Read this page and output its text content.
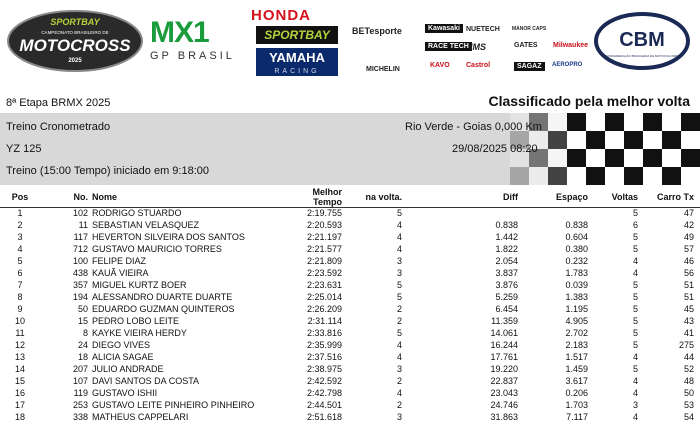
SPORTBAY
CAMPEONATO BRASILEIRO DE
MOTOCROSS
2025
MX1
GP BRASIL
HONDA
SPORTBAY
YAMAHA
RACING
BETesporte	Kawasaki NUETECH MANOR CAPS
MICHELIN
RACE TECH IMS	GATES Milwaukee
KAVO Castrol	SAGAZ	AEROPRO
CBM
CONFEDERAÇÃO BRASILEIRA DE MOTOCICLISMO
8ª Etapa BRMX 2025	Classificado pela melhor volta
Treino Cronometrado	Rio Verde - Goias 0,000 Km
YZ 125	29/08/2025 08:20
Treino (15:00 Tempo) iniciado em 9:18:00
Pos	No.	Nome	Melhor Tempo	na volta.	Diff	Espaço	Voltas	Carro Tx
1	102	RODRIGO STUARDO	2:19.755	5			5	47
2	11	SEBASTIAN VELASQUEZ	2:20.593	4	0.838	0.838	6	42
3	117	HEVERTON SILVEIRA DOS SANTOS	2:21.197	4	1.442	0.604	5	49
4	712	GUSTAVO MAURICIO TORRES	2:21.577	4	1.822	0.380	5	57
5	100	FELIPE DIAZ	2:21.809	3	2.054	0.232	4	46
6	438	KAUÃ VIEIRA	2:23.592	3	3.837	1.783	4	56
7	357	MIGUEL KURTZ BOER	2:23.631	5	3.876	0.039	5	51
8	194	ALESSANDRO DUARTE DUARTE	2:25.014	5	5.259	1.383	5	51
9	50	EDUARDO GUZMAN QUINTEROS	2:26.209	2	6.454	1.195	5	45
10	15	PEDRO LOBO LEITE	2:31.114	2	11.359	4.905	5	43
11	8	KAYKE VIEIRA HERDY	2:33.816	5	14.061	2.702	5	41
12	24	DIEGO VIVES	2:35.999	4	16.244	2.183	5	275
13	18	ALICIA SAGAE	2:37.516	4	17.761	1.517	4	44
14	207	JULIO ANDRADE	2:38.975	3	19.220	1.459	5	52
15	107	DAVI SANTOS DA COSTA	2:42.592	2	22.837	3.617	4	48
16	119	GUSTAVO ISHII	2:42.798	4	23.043	0.206	4	50
17	253	GUSTAVO LEITE PINHEIRO PINHEIRO	2:44.501	2	24.746	1.703	3	53
18	338	MATHEUS CAPPELARI	2:51.618	3	31.863	7.117	4	54
